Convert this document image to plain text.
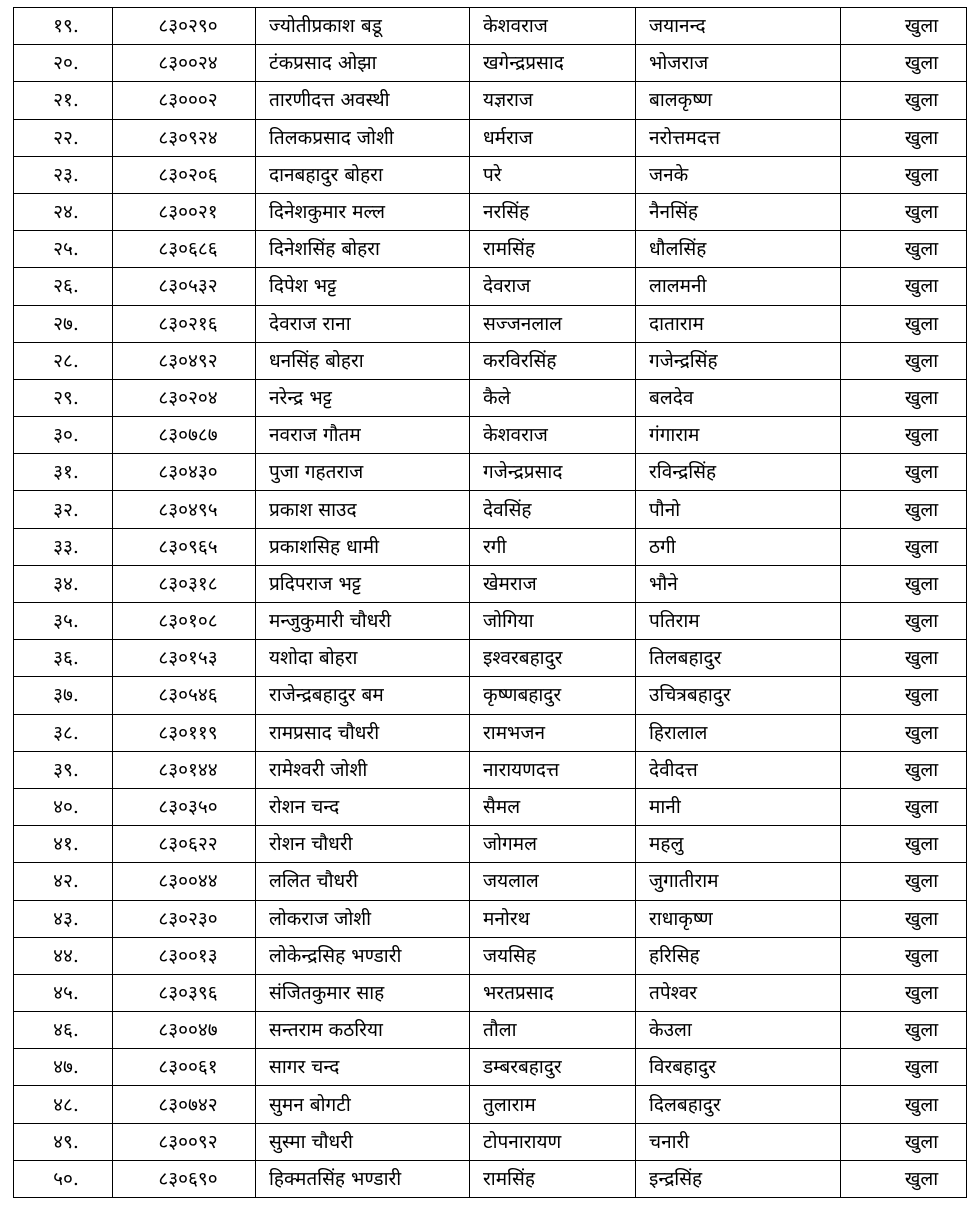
१९.	८३०२९०	ज्योतीप्रकाश बडू	केशवराज	जयानन्द	खुला
२०.	८३००२४	टंकप्रसाद ओझा	खगेन्द्रप्रसाद	भोजराज	खुला
२१.	८३०००२	तारणीदत्त अवस्थी	यज्ञराज	बालकृष्ण	खुला
२२.	८३०९२४	तिलकप्रसाद जोशी	धर्मराज	नरोत्तमदत्त	खुला
२३.	८३०२०६	दानबहादुर बोहरा	परे	जनके	खुला
२४.	८३००२१	दिनेशकुमार मल्ल	नरसिंह	नैनसिंह	खुला
२५.	८३०६८६	दिनेशसिंह बोहरा	रामसिंह	धौलसिंह	खुला
२६.	८३०५३२	दिपेश भट्ट	देवराज	लालमनी	खुला
२७.	८३०२१६	देवराज राना	सज्जनलाल	दाताराम	खुला
२८.	८३०४९२	धनसिंह बोहरा	करविरसिंह	गजेन्द्रसिंह	खुला
२९.	८३०२०४	नरेन्द्र भट्ट	कैले	बलदेव	खुला
३०.	८३०७८७	नवराज गौतम	केशवराज	गंगाराम	खुला
३१.	८३०४३०	पुजा गहतराज	गजेन्द्रप्रसाद	रविन्द्रसिंह	खुला
३२.	८३०४९५	प्रकाश साउद	देवसिंह	पौनो	खुला
३३.	८३०९६५	प्रकाशसिह धामी	रगी	ठगी	खुला
३४.	८३०३१८	प्रदिपराज भट्ट	खेमराज	भौने	खुला
३५.	८३०१०८	मन्जुकुमारी चौधरी	जोगिया	पतिराम	खुला
३६.	८३०१५३	यशोदा बोहरा	इश्वरबहादुर	तिलबहादुर	खुला
३७.	८३०५४६	राजेन्द्रबहादुर बम	कृष्णबहादुर	उचित्रबहादुर	खुला
३८.	८३०११९	रामप्रसाद चौधरी	रामभजन	हिरालाल	खुला
३९.	८३०१४४	रामेश्वरी जोशी	नारायणदत्त	देवीदत्त	खुला
४०.	८३०३५०	रोशन चन्द	सैमल	मानी	खुला
४१.	८३०६२२	रोशन चौधरी	जोगमल	महलु	खुला
४२.	८३००४४	ललित चौधरी	जयलाल	जुगातीराम	खुला
४३.	८३०२३०	लोकराज जोशी	मनोरथ	राधाकृष्ण	खुला
४४.	८३००१३	लोकेन्द्रसिह भण्डारी	जयसिह	हरिसिह	खुला
४५.	८३०३९६	संजितकुमार साह	भरतप्रसाद	तपेश्वर	खुला
४६.	८३००४७	सन्तराम कठरिया	तौला	केउला	खुला
४७.	८३००६१	सागर चन्द	डम्बरबहादुर	विरबहादुर	खुला
४८.	८३०७४२	सुमन बोगटी	तुलाराम	दिलबहादुर	खुला
४९.	८३००९२	सुस्मा चौधरी	टोपनारायण	चनारी	खुला
५०.	८३०६९०	हिक्मतसिंह भण्डारी	रामसिंह	इन्द्रसिंह	खुला
